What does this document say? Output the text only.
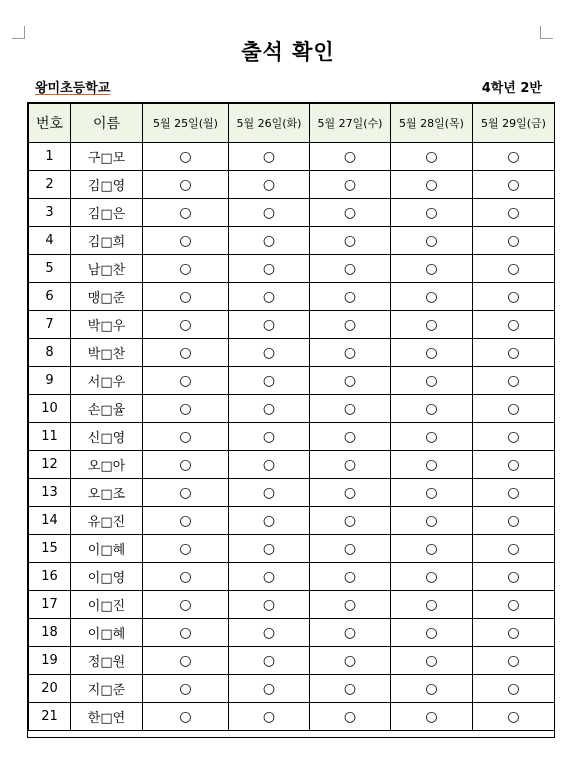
출석 확인
왕미초등학교	4학년 2반
번호	이름	5월 25일(월)	5월 26일(화)	5월 27일(수)	5월 28일(목)	5월 29일(금)
1	구□모	○	○	○	○	○
2	김□영	○	○	○	○	○
3	김□은	○	○	○	○	○
4	김□희	○	○	○	○	○
5	남□찬	○	○	○	○	○
6	맹□준	○	○	○	○	○
7	박□우	○	○	○	○	○
8	박□찬	○	○	○	○	○
9	서□우	○	○	○	○	○
10	손□율	○	○	○	○	○
11	신□영	○	○	○	○	○
12	오□아	○	○	○	○	○
13	오□조	○	○	○	○	○
14	유□진	○	○	○	○	○
15	이□혜	○	○	○	○	○
16	이□영	○	○	○	○	○
17	이□진	○	○	○	○	○
18	이□혜	○	○	○	○	○
19	정□원	○	○	○	○	○
20	지□준	○	○	○	○	○
21	한□연	○	○	○	○	○
